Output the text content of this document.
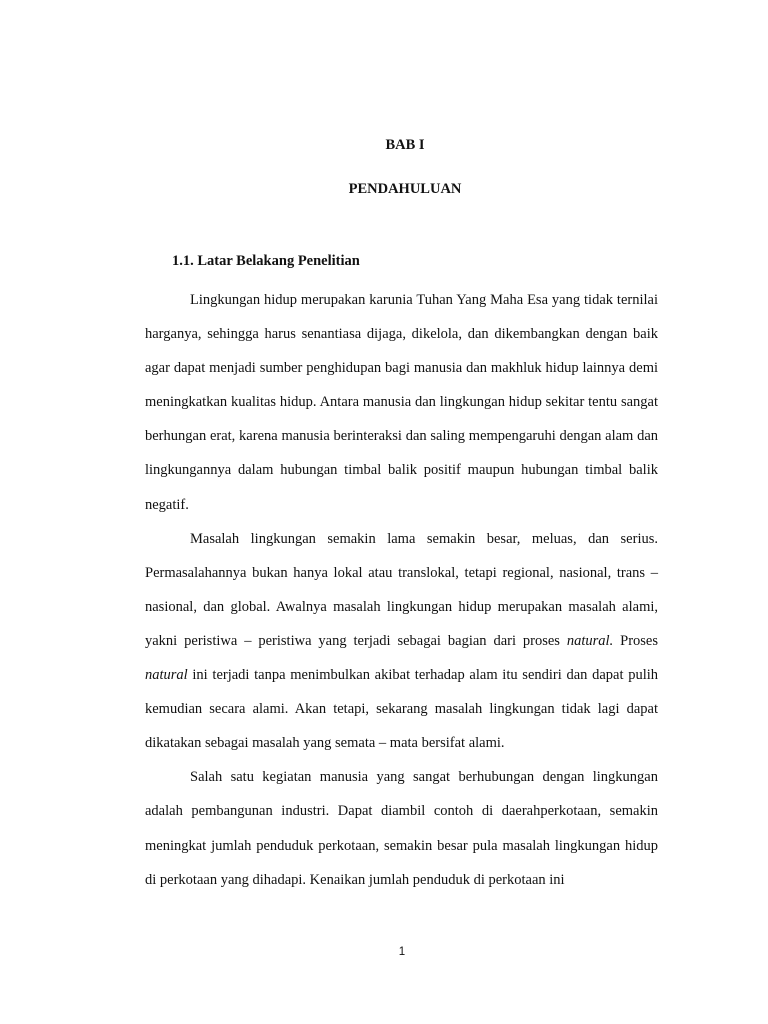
BAB I
PENDAHULUAN
1.1. Latar Belakang Penelitian

Lingkungan hidup merupakan karunia Tuhan Yang Maha Esa yang tidak ternilai harganya, sehingga harus senantiasa dijaga, dikelola, dan dikembangkan dengan baik agar dapat menjadi sumber penghidupan bagi manusia dan makhluk hidup lainnya demi meningkatkan kualitas hidup. Antara manusia dan lingkungan hidup sekitar tentu sangat berhungan erat, karena manusia berinteraksi dan saling mempengaruhi dengan alam dan lingkungannya dalam hubungan timbal balik positif maupun hubungan timbal balik negatif.

Masalah lingkungan semakin lama semakin besar, meluas, dan serius. Permasalahannya bukan hanya lokal atau translokal, tetapi regional, nasional, trans – nasional, dan global. Awalnya masalah lingkungan hidup merupakan masalah alami, yakni peristiwa – peristiwa yang terjadi sebagai bagian dari proses natural. Proses natural ini terjadi tanpa menimbulkan akibat terhadap alam itu sendiri dan dapat pulih kemudian secara alami. Akan tetapi, sekarang masalah lingkungan tidak lagi dapat dikatakan sebagai masalah yang semata – mata bersifat alami.

Salah satu kegiatan manusia yang sangat berhubungan dengan lingkungan adalah pembangunan industri. Dapat diambil contoh di daerahperkotaan, semakin meningkat jumlah penduduk perkotaan, semakin besar pula masalah lingkungan hidup di perkotaan yang dihadapi. Kenaikan jumlah penduduk di perkotaan ini

1
